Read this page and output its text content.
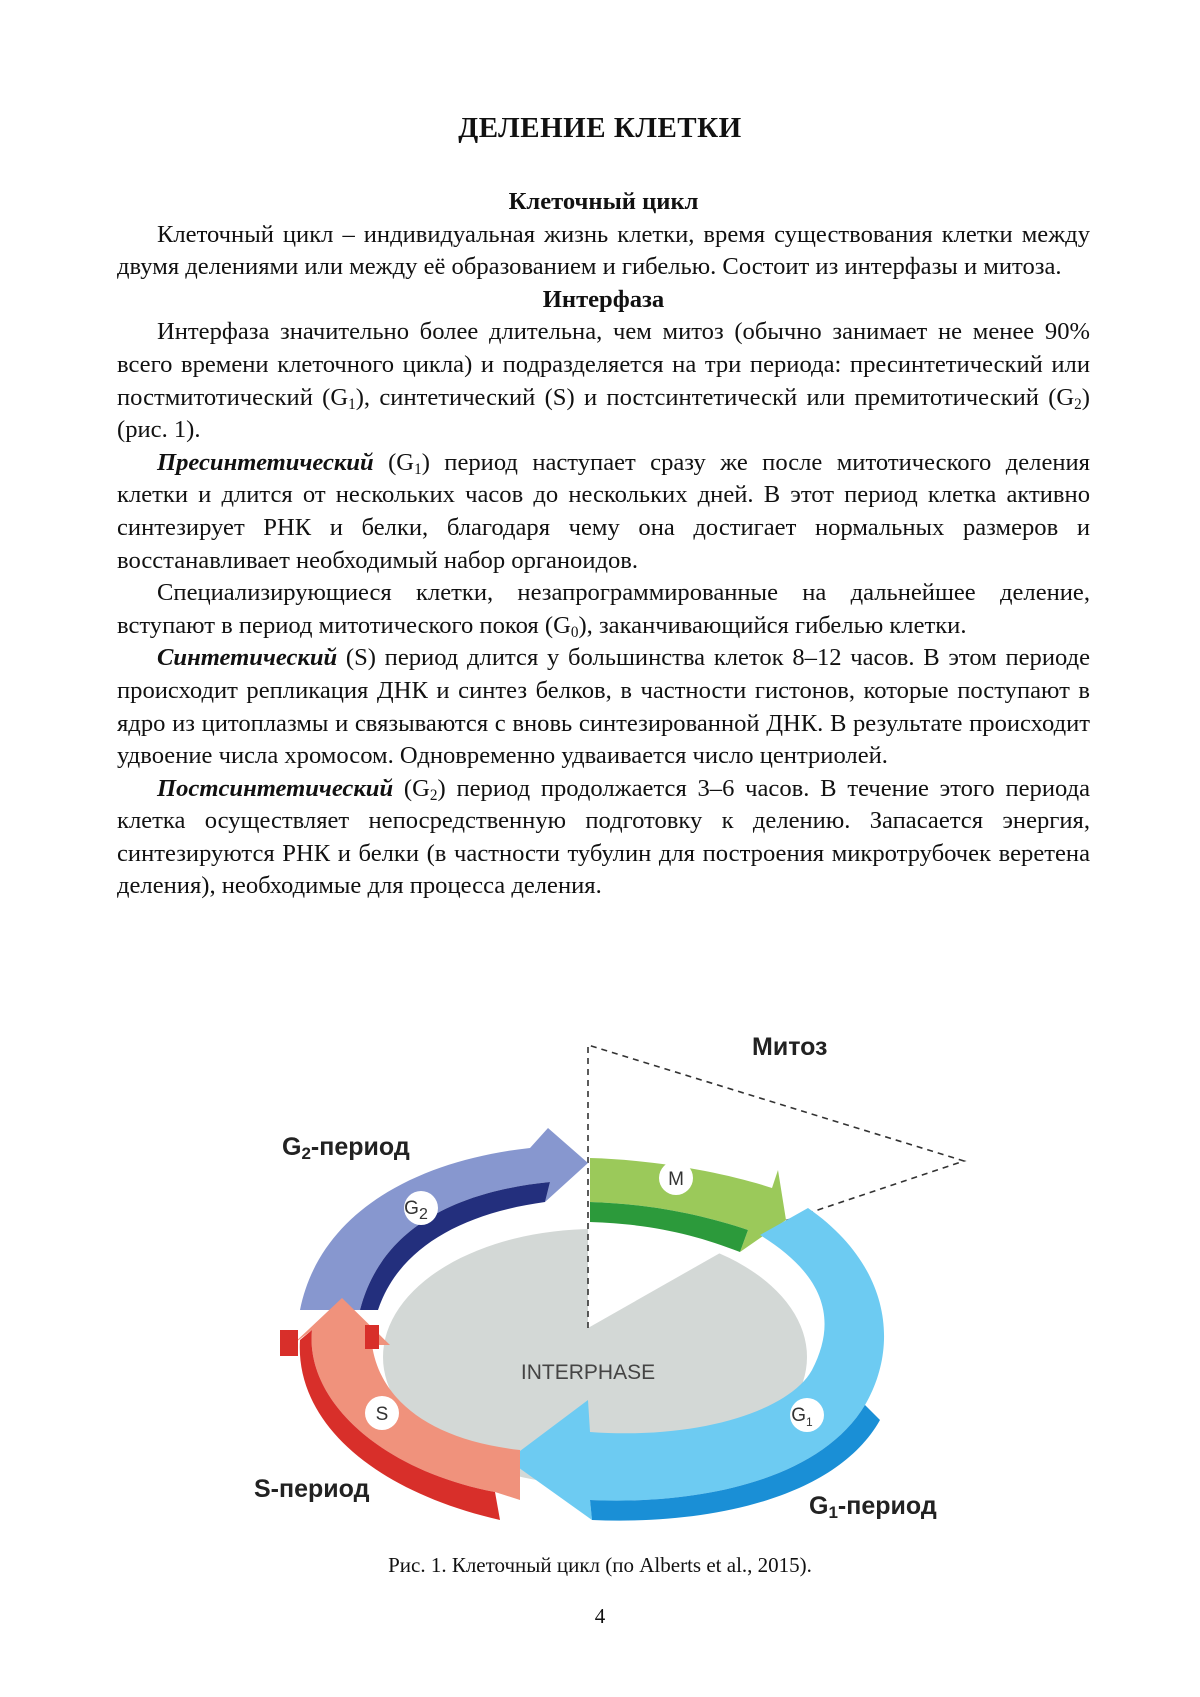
ДЕЛЕНИЕ КЛЕТКИ
Клеточный цикл

Клеточный цикл – индивидуальная жизнь клетки, время существования клетки между двумя делениями или между её образованием и гибелью. Состоит из интерфазы и митоза.

Интерфаза

Интерфаза значительно более длительна, чем митоз (обычно занимает не менее 90% всего времени клеточного цикла) и подразделяется на три периода: пресинтетический или постмитотический $(G_1)$, синтетический (S) и постсинтетическй или премитотический $(G_2)$ (рис. 1).

Пресинтетический $(G_1)$ период наступает сразу же после митотического деления клетки и длится от нескольких часов до нескольких дней. В этот период клетка активно синтезирует РНК и белки, благодаря чему она достигает нормальных размеров и восстанавливает необходимый набор органоидов.

Специализирующиеся клетки, незапрограммированные на дальнейшее деление, вступают в период митотического покоя $(G_0)$, заканчивающийся гибелью клетки.

Синтетический (S) период длится у большинства клеток 8–12 часов. В этом периоде происходит репликация ДНК и синтез белков, в частности гистонов, которые поступают в ядро из цитоплазмы и связываются с вновь синтезированной ДНК. В результате происходит удвоение числа хромосом. Одновременно удваивается число центриолей.

Постсинтетический $(G_2)$ период продолжается 3–6 часов. В течение этого периода клетка осуществляет непосредственную подготовку к делению. Запасается энергия, синтезируются РНК и белки (в частности тубулин для построения микротрубочек веретена деления), необходимые для процесса деления.

M
$G_2$
S	$G_1$
INTERPHASE
Митоз
G2-период
S-период
G1-период
Рис. 1. Клеточный цикл (по Alberts et al., 2015).
4
